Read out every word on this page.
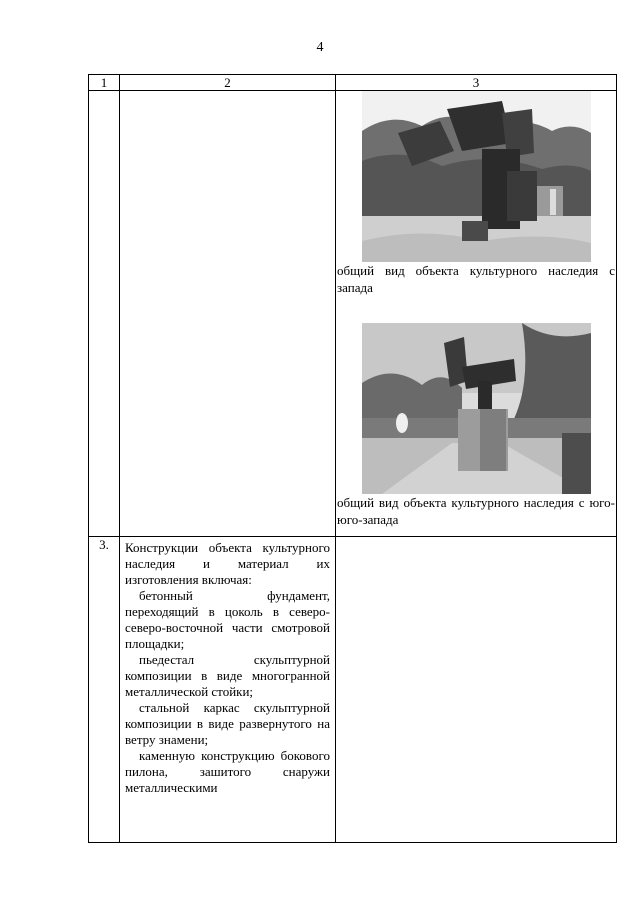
4
1	2	3

		общий вид объекта культурного наследия с запада

общий вид объекта культурного наследия с юго-юго-запада

3.	Конструкции объекта культурного наследия и материал их изготовления включая:

бетонный фундамент, переходящий в цоколь в северо-северо-восточной части смотровой площадки;

пьедестал скульптурной композиции в виде многогранной металлической стойки;

стальной каркас скульптурной композиции в виде развернутого на ветру знамени;

каменную конструкцию бокового пилона, зашитого снаружи металлическими	
